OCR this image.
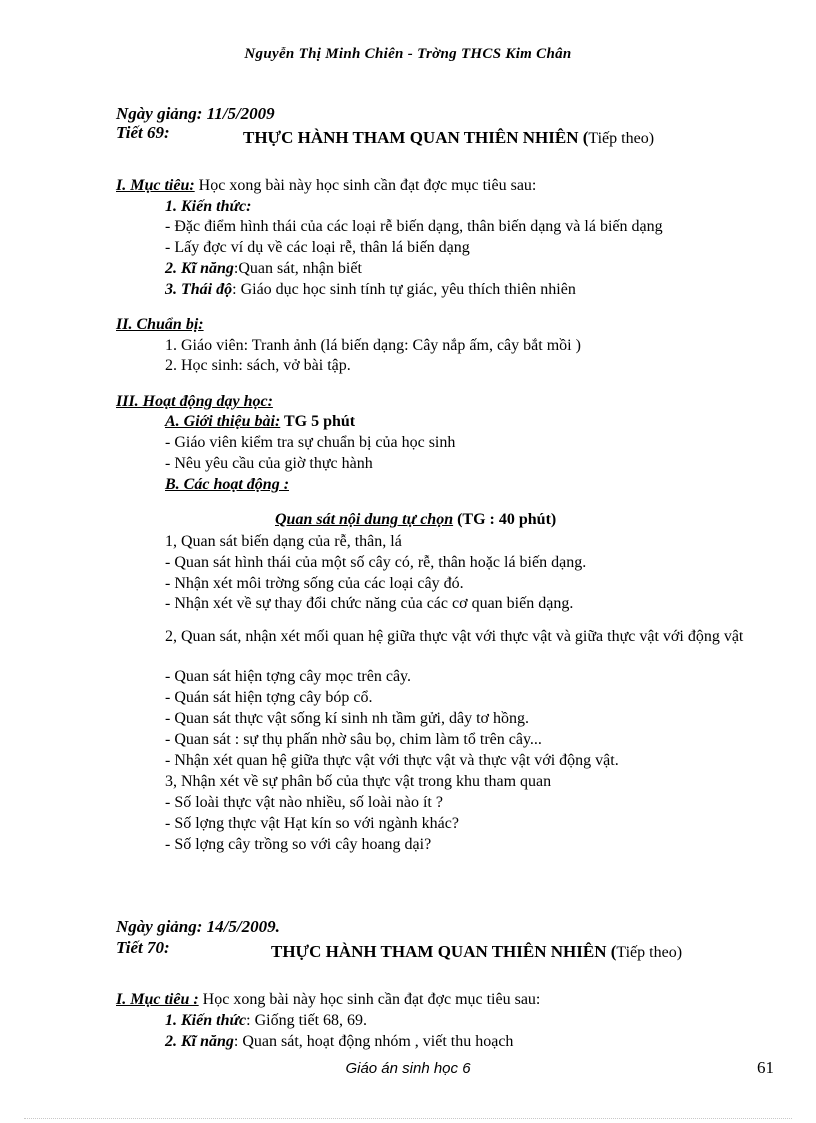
Nguyễn Thị Minh Chiên - Trờng THCS Kim Chân
Ngày giảng: 11/5/2009
Tiết 69:	THỰC HÀNH THAM QUAN THIÊN NHIÊN (Tiếp theo)
I. Mục tiêu: Học xong bài này học sinh cần đạt đợc mục tiêu sau:
1. Kiến thức:
- Đặc điểm hình thái của các loại rễ biến dạng, thân biến dạng và lá biến dạng
- Lấy đợc ví dụ về các loại rễ, thân lá biến dạng
2. Kĩ năng:Quan sát, nhận biết
3. Thái độ: Giáo dục học sinh tính tự giác, yêu thích thiên nhiên
II. Chuẩn bị:
1. Giáo viên: Tranh ảnh (lá biến dạng: Cây nắp ấm, cây bắt mồi )
2. Học sinh: sách, vở bài tập.
III. Hoạt động dạy học:
A. Giới thiệu bài: TG 5 phút
- Giáo viên kiểm tra sự chuẩn bị của học sinh
- Nêu yêu cầu của giờ thực hành
B. Các hoạt động :
Quan sát nội dung tự chọn (TG : 40 phút)
1, Quan sát biến dạng của rễ, thân, lá
- Quan sát hình thái của một số cây có, rễ, thân hoặc lá biến dạng.
- Nhận xét môi trờng sống của các loại cây đó.
- Nhận xét về sự thay đổi chức năng của các cơ quan biến dạng.
2, Quan sát, nhận xét mối quan hệ giữa thực vật với thực vật và giữa thực vật với động vật
- Quan sát hiện tợng cây mọc trên cây.
- Quán sát hiện tợng cây bóp cổ.
- Quan sát thực vật sống kí sinh nh tầm gửi, dây tơ hồng.
- Quan sát : sự thụ phấn nhờ sâu bọ, chim làm tổ trên cây...
- Nhận xét quan hệ giữa thực vật với thực vật và thực vật với động vật.
3, Nhận xét về sự phân bố của thực vật trong khu tham quan
- Số loài thực vật nào nhiều, số loài nào ít ?
- Số lợng thực vật Hạt kín so với ngành khác?
- Số lợng cây trồng so với cây hoang dại?
Ngày giảng: 14/5/2009.
Tiết 70:	THỰC HÀNH THAM QUAN THIÊN NHIÊN (Tiếp theo)
I. Mục tiêu : Học xong bài này học sinh cần đạt đợc mục tiêu sau:
1. Kiến thức: Giống tiết 68, 69.
2. Kĩ năng: Quan sát, hoạt động nhóm , viết thu hoạch
Giáo án sinh học 6	61
